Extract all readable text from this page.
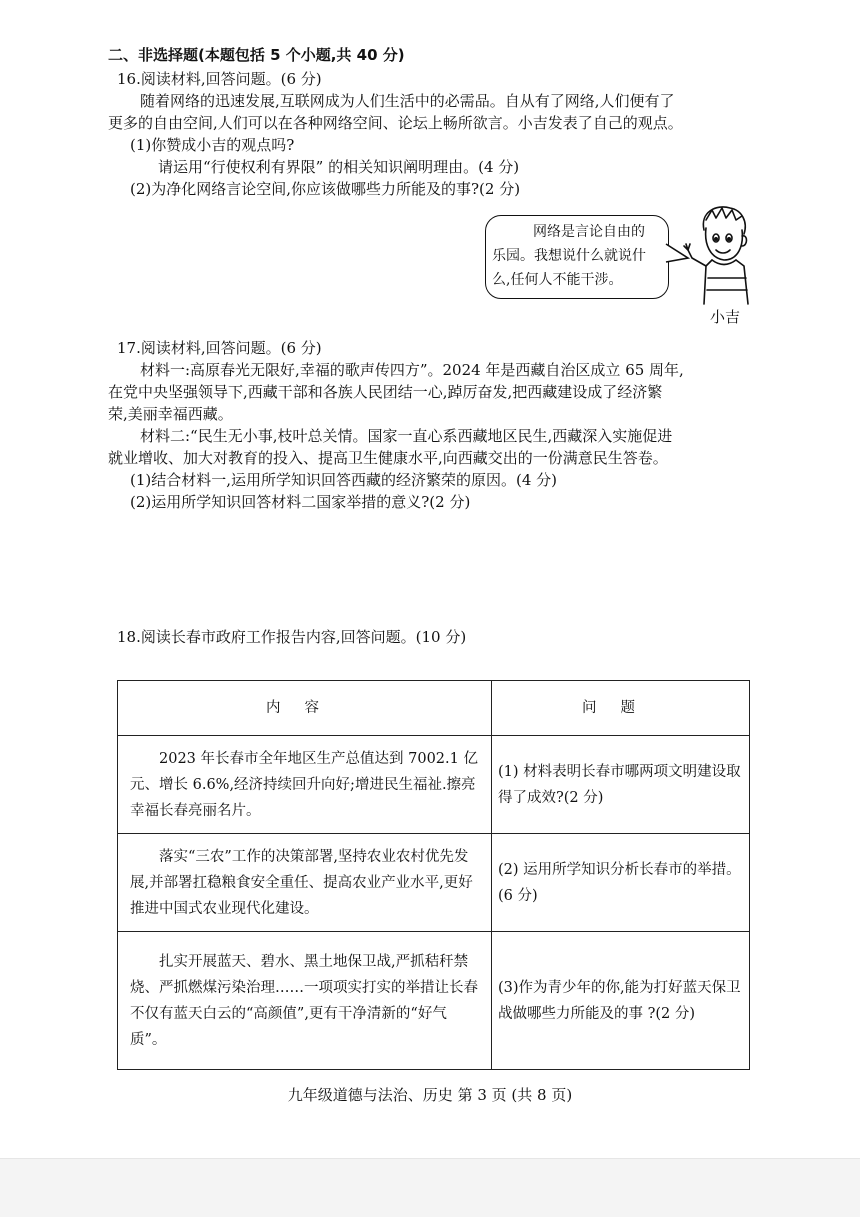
二、非选择题(本题包括 5 个小题,共 40 分)
16.阅读材料,回答问题。(6 分)
随着网络的迅速发展,互联网成为人们生活中的必需品。自从有了网络,人们便有了
更多的自由空间,人们可以在各种网络空间、论坛上畅所欲言。小吉发表了自己的观点。
(1)你赞成小吉的观点吗?
请运用“行使权利有界限” 的相关知识阐明理由。(4 分)
(2)为净化网络言论空间,你应该做哪些力所能及的事?(2 分)
网络是言论自由的
乐园。我想说什么就说什
么,任何人不能干涉。
小吉
17.阅读材料,回答问题。(6 分)
材料一:高原春光无限好,幸福的歌声传四方”。2024 年是西藏自治区成立 65 周年,
在党中央坚强领导下,西藏干部和各族人民团结一心,踔厉奋发,把西藏建设成了经济繁
荣,美丽幸福西藏。
材料二:“民生无小事,枝叶总关情。国家一直心系西藏地区民生,西藏深入实施促进
就业增收、加大对教育的投入、提高卫生健康水平,向西藏交出的一份满意民生答卷。
(1)结合材料一,运用所学知识回答西藏的经济繁荣的原因。(4 分)
(2)运用所学知识回答材料二国家举措的意义?(2 分)
18.阅读长春市政府工作报告内容,回答问题。(10 分)
内容	问题
2023 年长春市全年地区生产总值达到 7002.1 亿元、增长 6.6%,经济持续回升向好;增进民生福祉.擦亮幸福长春亮丽名片。	(1) 材料表明长春市哪两项文明建设取得了成效?(2 分)
落实“三农”工作的决策部署,坚持农业农村优先发展,并部署扛稳粮食安全重任、提高农业产业水平,更好推进中国式农业现代化建设。	(2) 运用所学知识分析长春市的举措。(6 分)
扎实开展蓝天、碧水、黑土地保卫战,严抓秸秆禁烧、严抓燃煤污染治理……一项项实打实的举措让长春不仅有蓝天白云的“高颜值”,更有干净清新的“好气质”。	(3)作为青少年的你,能为打好蓝天保卫战做哪些力所能及的事 ?(2 分)
九年级道德与法治、历史 第 3 页 (共 8 页)
